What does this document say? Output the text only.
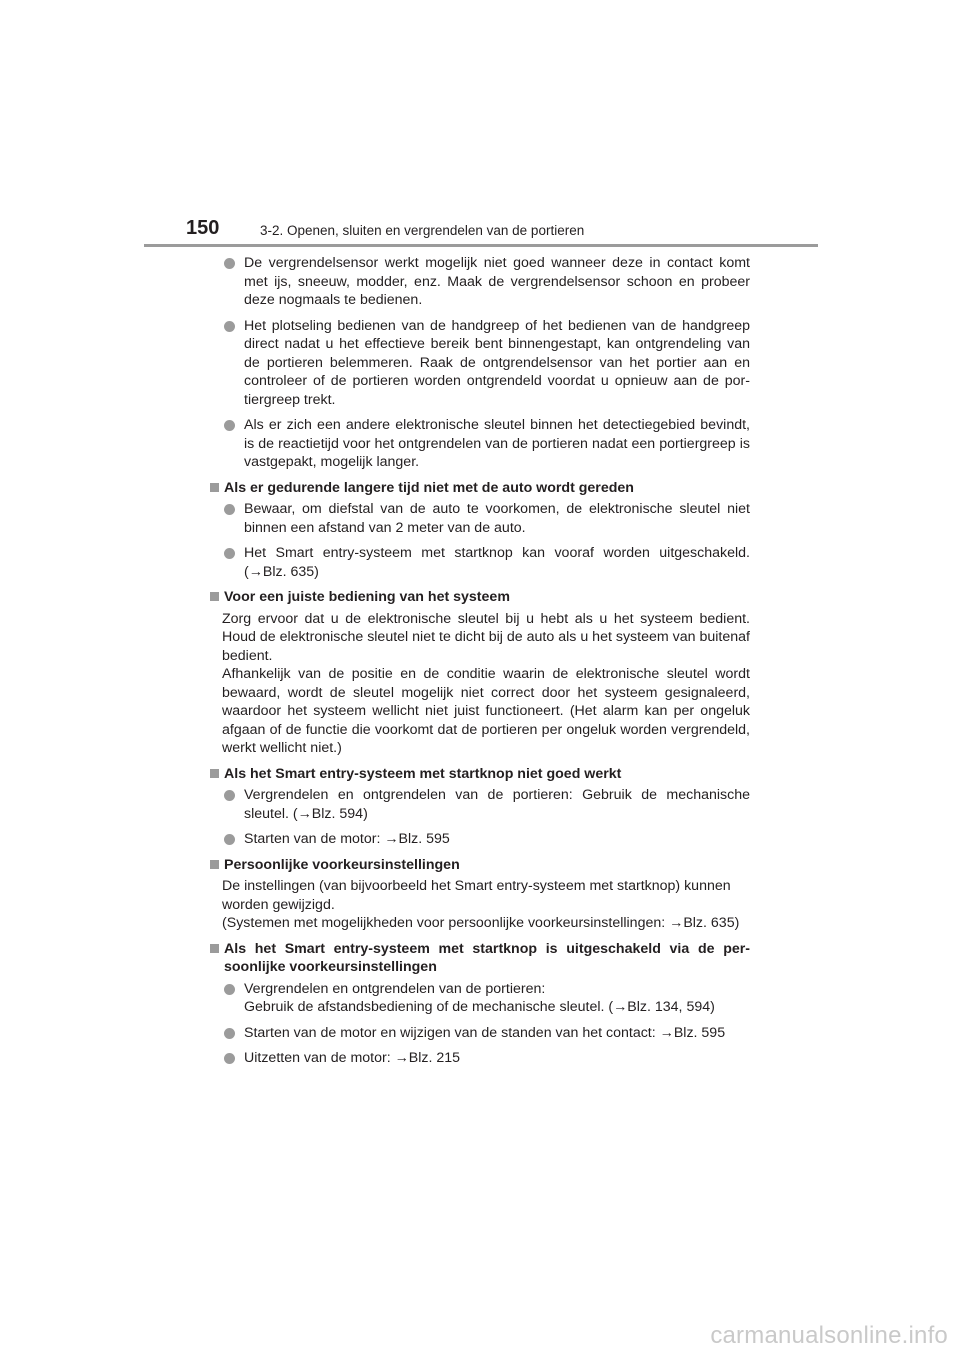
150	3-2. Openen, sluiten en vergrendelen van de portieren
De vergrendelsensor werkt mogelijk niet goed wanneer deze in contact komt met ijs, sneeuw, modder, enz. Maak de vergrendelsensor schoon en probeer deze nogmaals te bedienen.
Het plotseling bedienen van de handgreep of het bedienen van de handgreep direct nadat u het effectieve bereik bent binnengestapt, kan ontgrendeling van de portieren belemmeren. Raak de ontgrendelsensor van het portier aan en controleer of de portieren worden ontgrendeld voordat u opnieuw aan de portiergreep trekt.
Als er zich een andere elektronische sleutel binnen het detectiegebied bevindt, is de reactietijd voor het ontgrendelen van de portieren nadat een portiergreep is vastgepakt, mogelijk langer.
Als er gedurende langere tijd niet met de auto wordt gereden
Bewaar, om diefstal van de auto te voorkomen, de elektronische sleutel niet binnen een afstand van 2 meter van de auto.
Het Smart entry-systeem met startknop kan vooraf worden uitgeschakeld. (→Blz. 635)
Voor een juiste bediening van het systeem

Zorg ervoor dat u de elektronische sleutel bij u hebt als u het systeem bedient. Houd de elektronische sleutel niet te dicht bij de auto als u het systeem van buitenaf bedient.

Afhankelijk van de positie en de conditie waarin de elektronische sleutel wordt bewaard, wordt de sleutel mogelijk niet correct door het systeem gesignaleerd, waardoor het systeem wellicht niet juist functioneert. (Het alarm kan per ongeluk afgaan of de functie die voorkomt dat de portieren per ongeluk worden vergrendeld, werkt wellicht niet.)

Als het Smart entry-systeem met startknop niet goed werkt
Vergrendelen en ontgrendelen van de portieren: Gebruik de mechanische sleutel. (→Blz. 594)
Starten van de motor: →Blz. 595
Persoonlijke voorkeursinstellingen

De instellingen (van bijvoorbeeld het Smart entry-systeem met startknop) kunnen worden gewijzigd.

(Systemen met mogelijkheden voor persoonlijke voorkeursinstellingen: →Blz. 635)

Als het Smart entry-systeem met startknop is uitgeschakeld via de persoonlijke voorkeursinstellingen
Vergrendelen en ontgrendelen van de portieren:
Gebruik de afstandsbediening of de mechanische sleutel. (→Blz. 134, 594)
Starten van de motor en wijzigen van de standen van het contact: →Blz. 595
Uitzetten van de motor: →Blz. 215
carmanualsonline.info
